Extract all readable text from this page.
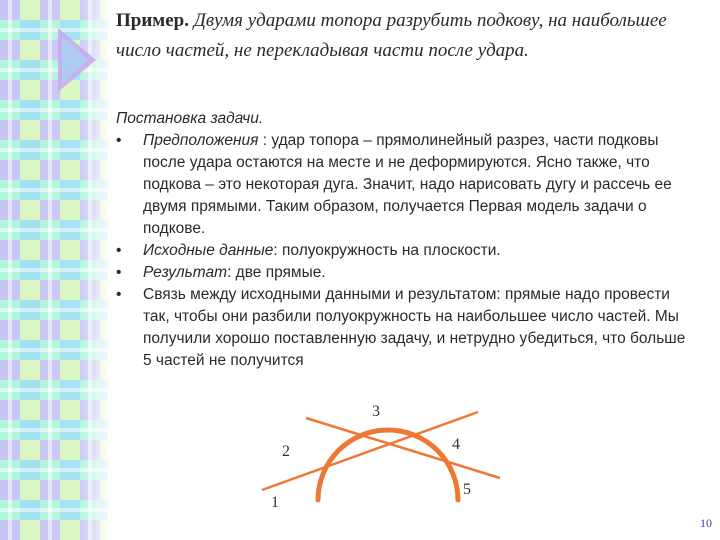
Пример. Двумя ударами топора разрубить подкову, на наибольшее число частей, не перекладывая части после удара.
Постановка задачи.
• Предположения : удар топора – прямолинейный разрез, части подковы после удара остаются на месте и не деформируются. Ясно также, что подкова – это некоторая дуга. Значит, надо нарисовать дугу и рассечь ее двумя прямыми. Таким образом, получается Первая модель задачи о подкове.
• Исходные данные: полуокружность на плоскости.
• Результат: две прямые.
• Связь между исходными данными и результатом: прямые надо провести так, чтобы они разбили полуокружность на наибольшее число частей. Мы получили хорошо поставленную задачу, и нетрудно убедиться, что больше 5 частей не получится
1
2
3
4
5
10
